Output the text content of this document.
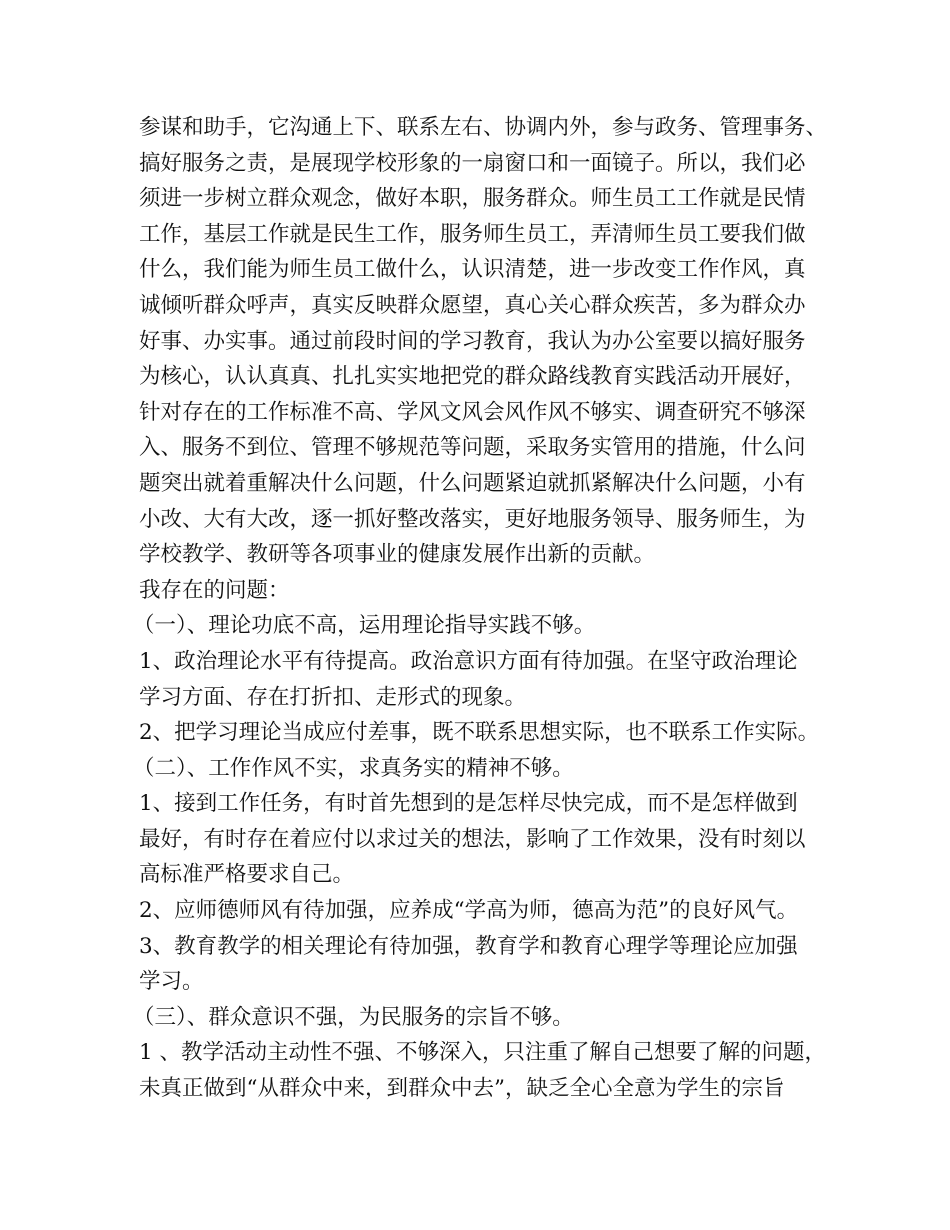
参谋和助手，它沟通上下、联系左右、协调内外，参与政务、管理事务、

搞好服务之责，是展现学校形象的一扇窗口和一面镜子。所以，我们必

须进一步树立群众观念，做好本职，服务群众。师生员工工作就是民情

工作，基层工作就是民生工作，服务师生员工，弄清师生员工要我们做

什么，我们能为师生员工做什么，认识清楚，进一步改变工作作风，真

诚倾听群众呼声，真实反映群众愿望，真心关心群众疾苦，多为群众办

好事、办实事。通过前段时间的学习教育，我认为办公室要以搞好服务

为核心，认认真真、扎扎实实地把党的群众路线教育实践活动开展好，

针对存在的工作标准不高、学风文风会风作风不够实、调查研究不够深

入、服务不到位、管理不够规范等问题，采取务实管用的措施，什么问

题突出就着重解决什么问题，什么问题紧迫就抓紧解决什么问题，小有

小改、大有大改，逐一抓好整改落实，更好地服务领导、服务师生，为

学校教学、教研等各项事业的健康发展作出新的贡献。

我存在的问题：

（一）、理论功底不高，运用理论指导实践不够。

1、政治理论水平有待提高。政治意识方面有待加强。在坚守政治理论

学习方面、存在打折扣、走形式的现象。

2、把学习理论当成应付差事，既不联系思想实际，也不联系工作实际。

（二）、工作作风不实，求真务实的精神不够。

1、接到工作任务，有时首先想到的是怎样尽快完成，而不是怎样做到

最好，有时存在着应付以求过关的想法，影响了工作效果，没有时刻以

高标准严格要求自己。

2、应师德师风有待加强，应养成“学高为师，德高为范”的良好风气。

3、教育教学的相关理论有待加强，教育学和教育心理学等理论应加强

学习。

（三）、群众意识不强，为民服务的宗旨不够。

1 、教学活动主动性不强、不够深入，只注重了解自己想要了解的问题，

未真正做到“从群众中来，到群众中去”，缺乏全心全意为学生的宗旨
